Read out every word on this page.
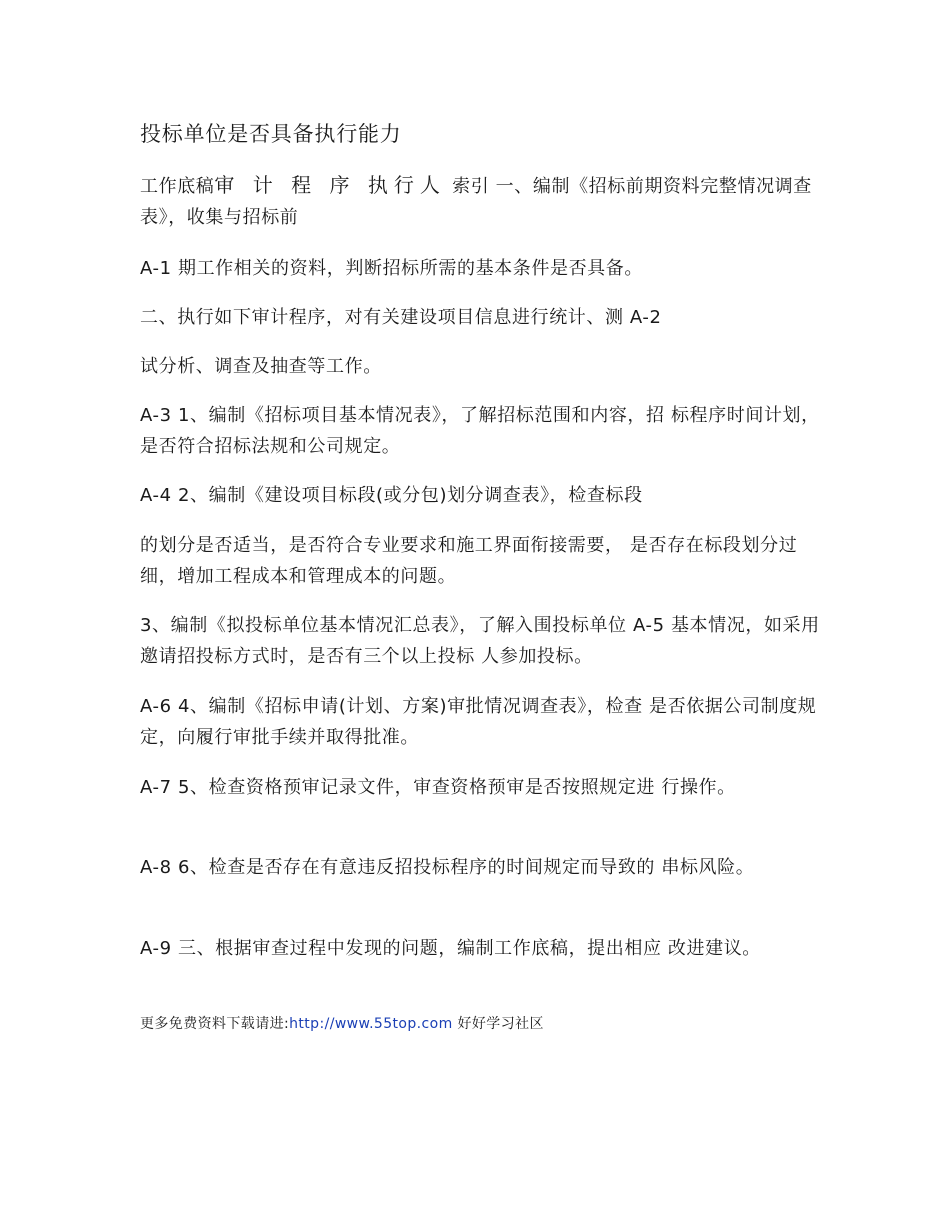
投标单位是否具备执行能力
工作底稿审 计 程 序 执行人 索引 一、编制《招标前期资料完整情况调查表》，收集与招标前
A-1 期工作相关的资料，判断招标所需的基本条件是否具备。
二、执行如下审计程序，对有关建设项目信息进行统计、测 A-2
试分析、调查及抽查等工作。
A-3 1、编制《招标项目基本情况表》，了解招标范围和内容，招 标程序时间计划，是否符合招标法规和公司规定。
A-4 2、编制《建设项目标段(或分包)划分调查表》，检查标段
的划分是否适当，是否符合专业要求和施工界面衔接需要， 是否存在标段划分过细，增加工程成本和管理成本的问题。
3、编制《拟投标单位基本情况汇总表》，了解入围投标单位 A-5 基本情况，如采用邀请招投标方式时，是否有三个以上投标 人参加投标。
A-6 4、编制《招标申请(计划、方案)审批情况调查表》，检查 是否依据公司制度规定，向履行审批手续并取得批准。
A-7 5、检查资格预审记录文件，审查资格预审是否按照规定进 行操作。
A-8 6、检查是否存在有意违反招投标程序的时间规定而导致的 串标风险。
A-9 三、根据审查过程中发现的问题，编制工作底稿，提出相应 改进建议。
更多免费资料下载请进:http://www.55top.com 好好学习社区
